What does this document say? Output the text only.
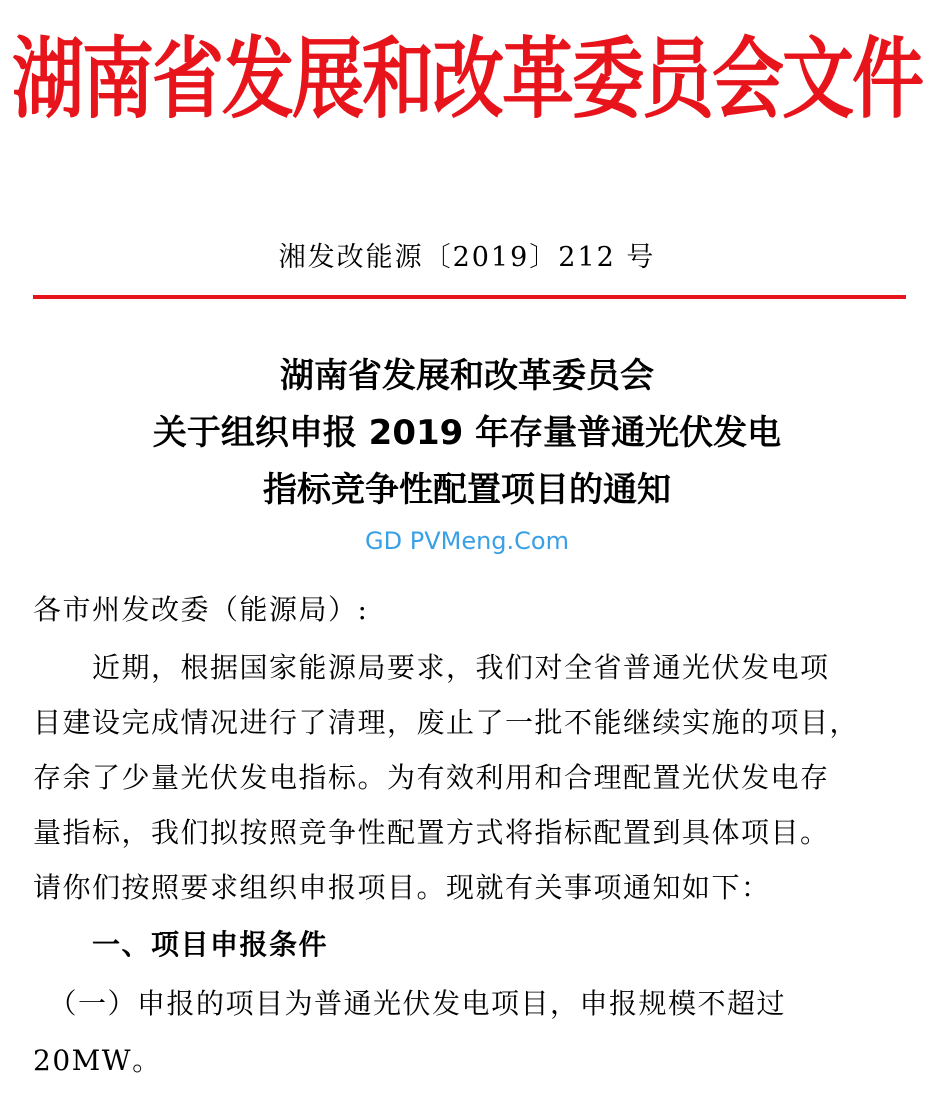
湖南省发展和改革委员会文件
湘发改能源〔2019〕212 号
湖南省发展和改革委员会
关于组织申报 2019 年存量普通光伏发电
指标竞争性配置项目的通知
GD PVMeng.Com
各市州发改委（能源局）:
　　近期，根据国家能源局要求，我们对全省普通光伏发电项
目建设完成情况进行了清理，废止了一批不能继续实施的项目，
存余了少量光伏发电指标。为有效利用和合理配置光伏发电存
量指标，我们拟按照竞争性配置方式将指标配置到具体项目。
请你们按照要求组织申报项目。现就有关事项通知如下：
　　一、项目申报条件
　（一）申报的项目为普通光伏发电项目，申报规模不超过
20MW。
